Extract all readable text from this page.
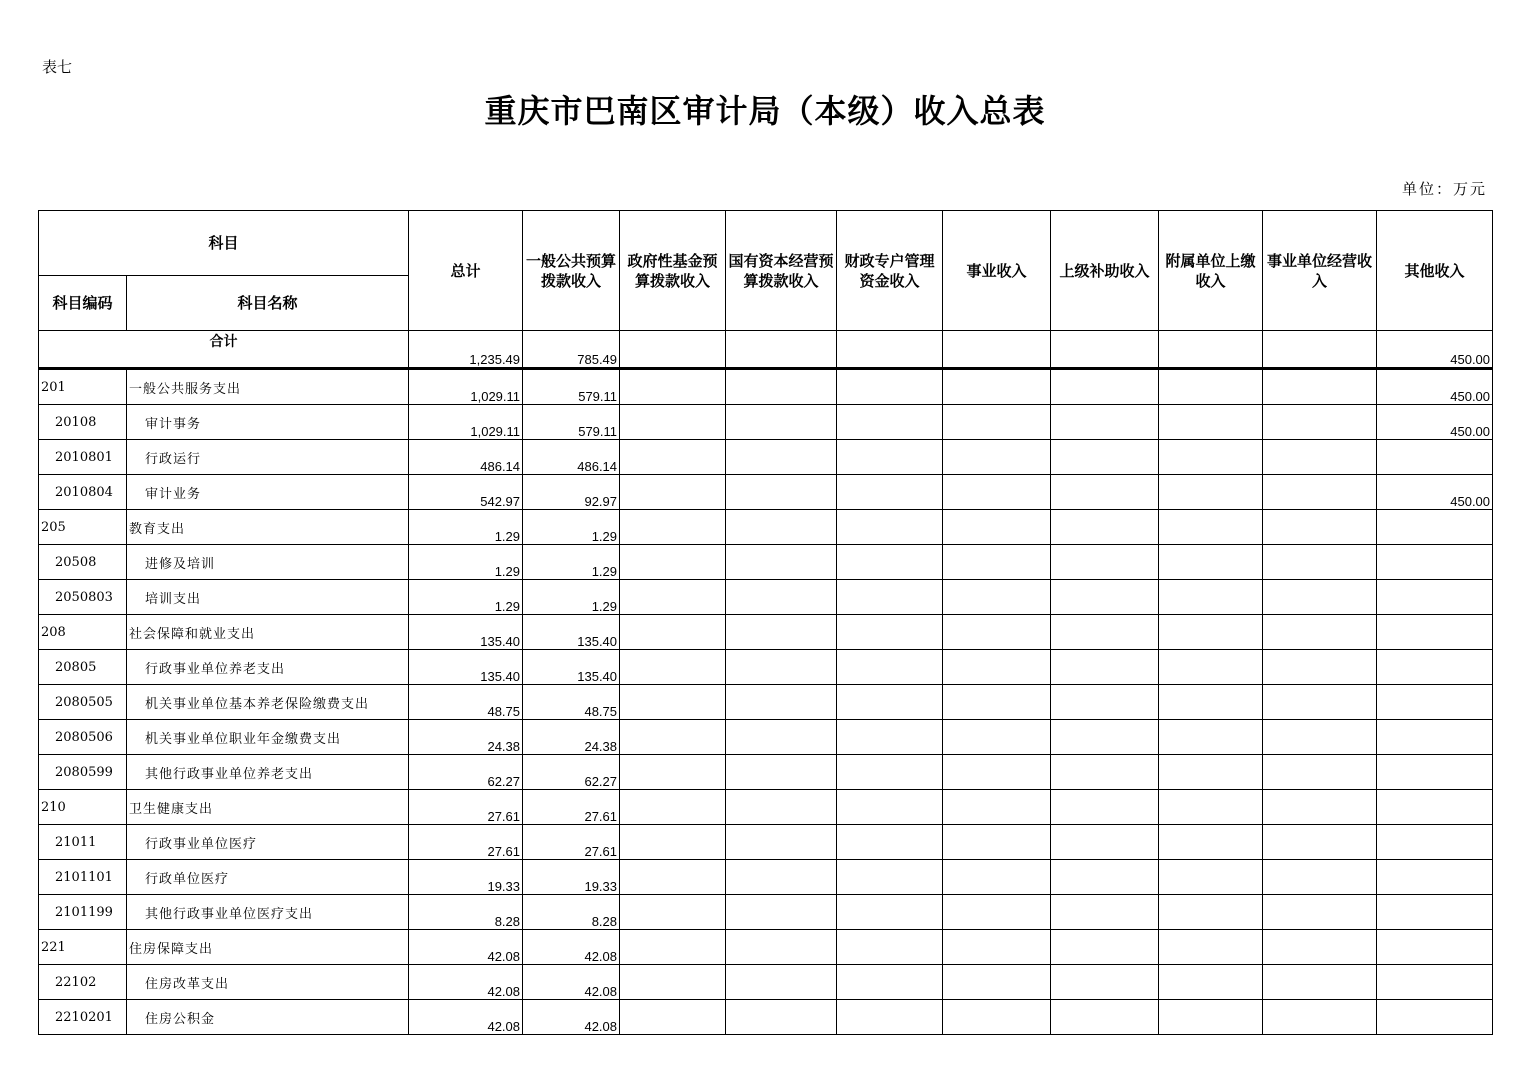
表七
重庆市巴南区审计局（本级）收入总表
单位：万元
科目		总计	一般公共预算拨款收入	政府性基金预算拨款收入	国有资本经营预算拨款收入	财政专户管理资金收入	事业收入	上级补助收入	附属单位上缴收入	事业单位经营收入	其他收入
科目编码	科目名称										
合计		1,235.49	785.49								450.00
201	一般公共服务支出	1,029.11	579.11								450.00
20108	审计事务	1,029.11	579.11								450.00
2010801	行政运行	486.14	486.14								
2010804	审计业务	542.97	92.97								450.00
205	教育支出	1.29	1.29								
20508	进修及培训	1.29	1.29								
2050803	培训支出	1.29	1.29								
208	社会保障和就业支出	135.40	135.40								
20805	行政事业单位养老支出	135.40	135.40								
2080505	机关事业单位基本养老保险缴费支出	48.75	48.75								
2080506	机关事业单位职业年金缴费支出	24.38	24.38								
2080599	其他行政事业单位养老支出	62.27	62.27								
210	卫生健康支出	27.61	27.61								
21011	行政事业单位医疗	27.61	27.61								
2101101	行政单位医疗	19.33	19.33								
2101199	其他行政事业单位医疗支出	8.28	8.28								
221	住房保障支出	42.08	42.08								
22102	住房改革支出	42.08	42.08								
2210201	住房公积金	42.08	42.08								
